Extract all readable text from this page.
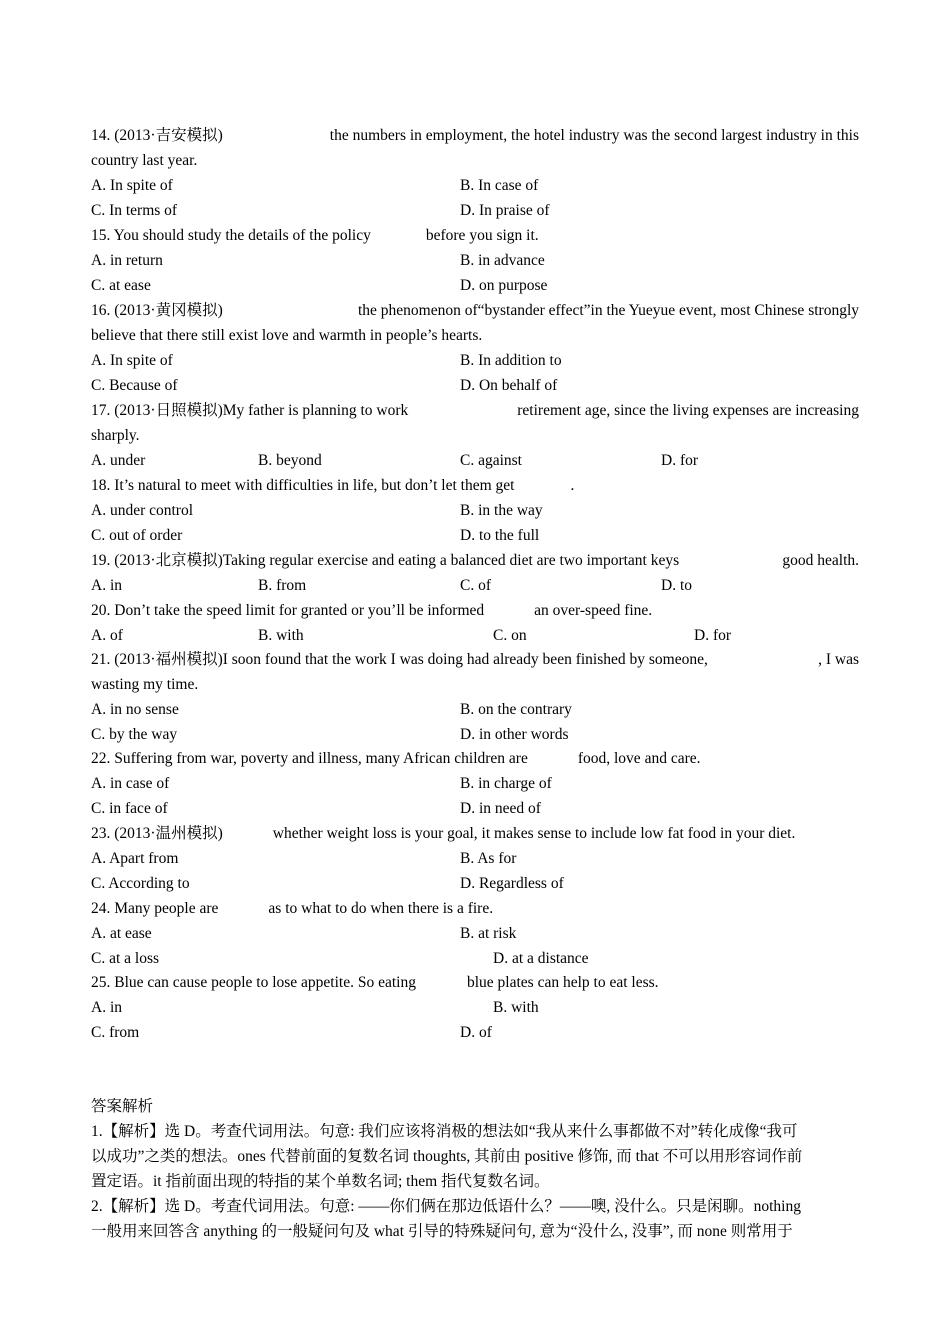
14. (2013·吉安模拟)	the numbers in employment, the hotel industry was the second largest industry in this
country last year.
A. In spite of	B. In case of
C. In terms of	D. In praise of
15. You should study the details of the policy	before you sign it.
A. in return	B. in advance
C. at ease	D. on purpose
16. (2013·黄冈模拟)	the phenomenon of“bystander effect”in the Yueyue event, most Chinese strongly
believe that there still exist love and warmth in people’s hearts.
A. In spite of	B. In addition to
C. Because of	D. On behalf of
17. (2013·日照模拟)My father is planning to work	retirement age, since the living expenses are increasing
sharply.
A. under	B. beyond	C. against	D. for
18. It’s natural to meet with difficulties in life, but don’t let them get	.
A. under control	B. in the way
C. out of order	D. to the full
19. (2013·北京模拟)Taking regular exercise and eating a balanced diet are two important keys	good health.
A. in	B. from	C. of	D. to
20. Don’t take the speed limit for granted or you’ll be informed	an over-speed fine.
A. of	B. with	C. on	D. for
21. (2013·福州模拟)I soon found that the work I was doing had already been finished by someone,	, I was
wasting my time.
A. in no sense	B. on the contrary
C. by the way	D. in other words
22. Suffering from war, poverty and illness, many African children are	food, love and care.
A. in case of	B. in charge of
C. in face of	D. in need of
23. (2013·温州模拟)	whether weight loss is your goal, it makes sense to include low fat food in your diet.
A. Apart from	B. As for
C. According to	D. Regardless of
24. Many people are	as to what to do when there is a fire.
A. at ease	B. at risk
C. at a loss	D. at a distance
25. Blue can cause people to lose appetite. So eating	blue plates can help to eat less.
A. in	B. with
C. from	D. of
答案解析
1.【解析】选 D。考查代词用法。句意: 我们应该将消极的想法如“我从来什么事都做不对”转化成像“我可
以成功”之类的想法。ones 代替前面的复数名词 thoughts, 其前由 positive 修饰, 而 that 不可以用形容词作前
置定语。it 指前面出现的特指的某个单数名词; them 指代复数名词。
2.【解析】选 D。考查代词用法。句意: ——你们俩在那边低语什么？——噢, 没什么。只是闲聊。nothing
一般用来回答含 anything 的一般疑问句及 what 引导的特殊疑问句, 意为“没什么, 没事”, 而 none 则常用于
